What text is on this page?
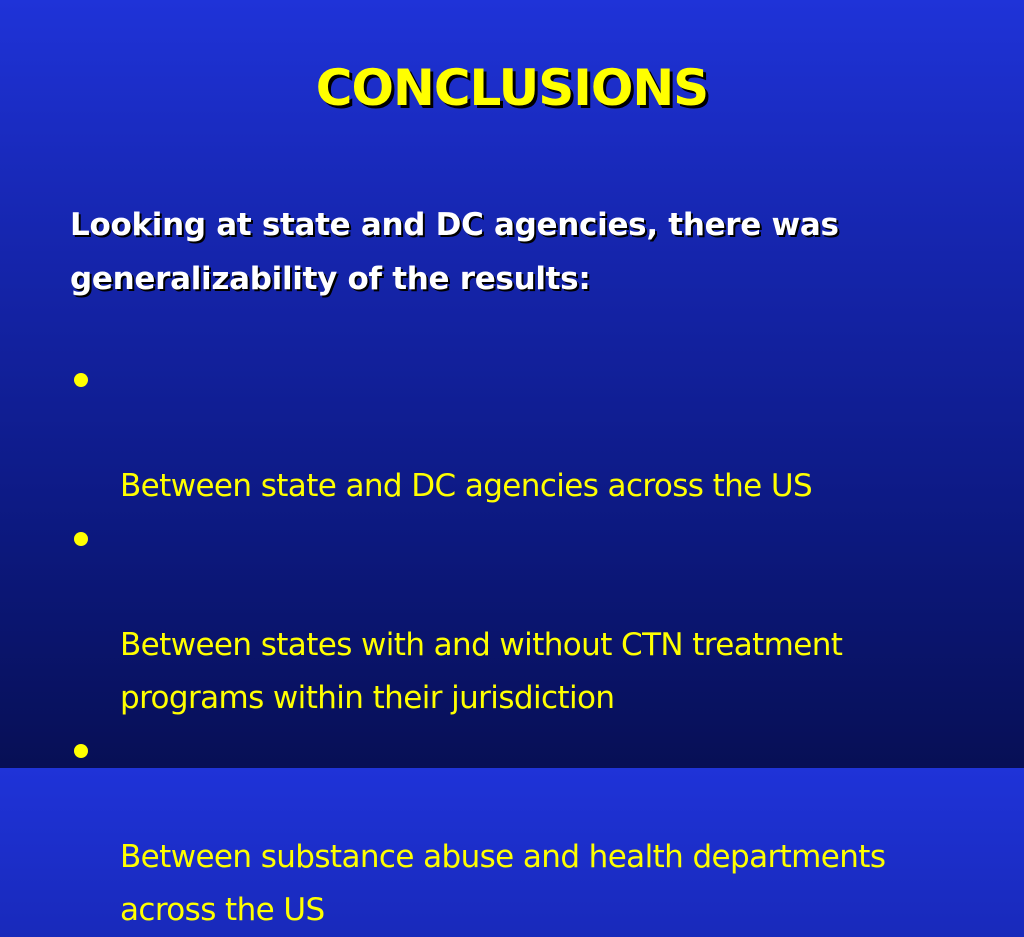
CONCLUSIONS
Looking at state and DC agencies, there was generalizability of the results:

Between state and DC agencies across the US

Between states with and without CTN treatment
programs within their jurisdiction

Between substance abuse and health departments
across the US
